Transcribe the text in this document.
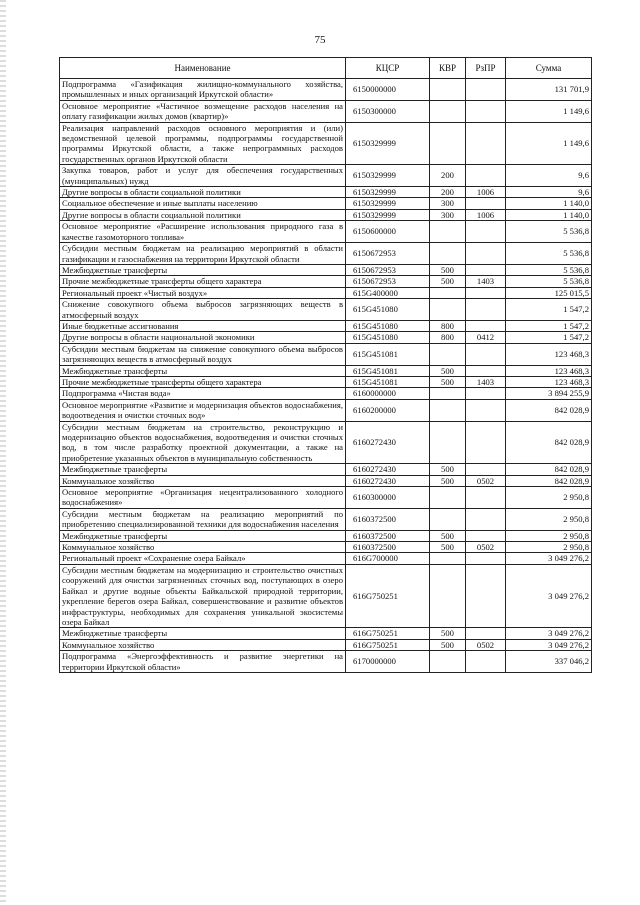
75
Наименование	КЦСР	КВР	РзПР	Сумма
Подпрограмма «Газификация жилищно-коммунального хозяйства, промышленных и иных организаций Иркутской области»	6150000000			131 701,9
Основное мероприятие «Частичное возмещение расходов населения на оплату газификации жилых домов (квартир)»	6150300000			1 149,6
Реализация направлений расходов основного мероприятия и (или) ведомственной целевой программы, подпрограммы государственной программы Иркутской области, а также непрограммных расходов государственных органов Иркутской области	6150329999			1 149,6
Закупка товаров, работ и услуг для обеспечения государственных (муниципальных) нужд	6150329999	200		9,6
Другие вопросы в области социальной политики	6150329999	200	1006	9,6
Социальное обеспечение и иные выплаты населению	6150329999	300		1 140,0
Другие вопросы в области социальной политики	6150329999	300	1006	1 140,0
Основное мероприятие «Расширение использования природного газа в качестве газомоторного топлива»	6150600000			5 536,8
Субсидии местным бюджетам на реализацию мероприятий в области газификации и газоснабжения на территории Иркутской области	6150672953			5 536,8
Межбюджетные трансферты	6150672953	500		5 536,8
Прочие межбюджетные трансферты общего характера	6150672953	500	1403	5 536,8
Региональный проект «Чистый воздух»	615G400000			125 015,5
Снижение совокупного объема выбросов загрязняющих веществ в атмосферный воздух	615G451080			1 547,2
Иные бюджетные ассигнования	615G451080	800		1 547,2
Другие вопросы в области национальной экономики	615G451080	800	0412	1 547,2
Субсидии местным бюджетам на снижение совокупного объема выбросов загрязняющих веществ в атмосферный воздух	615G451081			123 468,3
Межбюджетные трансферты	615G451081	500		123 468,3
Прочие межбюджетные трансферты общего характера	615G451081	500	1403	123 468,3
Подпрограмма «Чистая вода»	6160000000			3 894 255,9
Основное мероприятие «Развитие и модернизация объектов водоснабжения, водоотведения и очистки сточных вод»	6160200000			842 028,9
Субсидии местным бюджетам на строительство, реконструкцию и модернизацию объектов водоснабжения, водоотведения и очистки сточных вод, в том числе разработку проектной документации, а также на приобретение указанных объектов в муниципальную собственность	6160272430			842 028,9
Межбюджетные трансферты	6160272430	500		842 028,9
Коммунальное хозяйство	6160272430	500	0502	842 028,9
Основное мероприятие «Организация нецентрализованного холодного водоснабжения»	6160300000			2 950,8
Субсидии местным бюджетам на реализацию мероприятий по приобретению специализированной техники для водоснабжения населения	6160372500			2 950,8
Межбюджетные трансферты	6160372500	500		2 950,8
Коммунальное хозяйство	6160372500	500	0502	2 950,8
Региональный проект «Сохранение озера Байкал»	616G700000			3 049 276,2
Субсидии местным бюджетам на модернизацию и строительство очистных сооружений для очистки загрязненных сточных вод, поступающих в озеро Байкал и другие водные объекты Байкальской природной территории, укрепление берегов озера Байкал, совершенствование и развитие объектов инфраструктуры, необходимых для сохранения уникальной экосистемы озера Байкал	616G750251			3 049 276,2
Межбюджетные трансферты	616G750251	500		3 049 276,2
Коммунальное хозяйство	616G750251	500	0502	3 049 276,2
Подпрограмма «Энергоэффективность и развитие энергетики на территории Иркутской области»	6170000000			337 046,2
